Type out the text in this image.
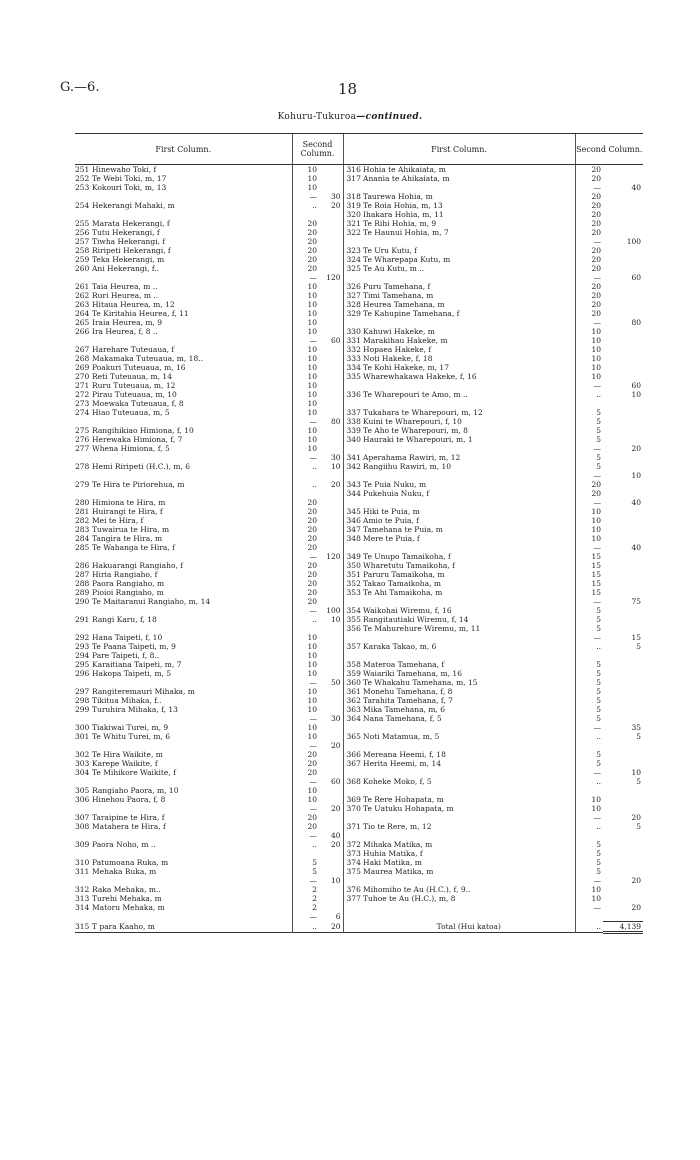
G.—6.	18
Kohuru-Tukuroa—continued.
First Column.		Second Column.		First Column.		Second Column.	
251	Hinewaho Toki, f	10		316	Hohia te Ahikaiata, m	20	
252	Te Webi Toki, m, 17	10		317	Anania te Ahikaiata, m	20	
253	Kokouri Toki, m, 13	10				—	40
		—	30	318	Taurewa Hohia, m	20	
254	Hekerangi Mahaki, m	..	20	319	Te Roia Hohia, m, 13	20	
				320	Ihakara Hohia, m, 11	20	
255	Marata Hekerangi, f	20		321	Te Rihi Hohia, m, 9	20	
256	Tutu Hekerangi, f	20		322	Te Haunui Hohia, m, 7	20	
257	Tiwha Hekerangi, f	20				—	100
258	Riripeti Hekerangi, f	20		323	Te Uru Kutu, f	20	
259	Teka Hekerangi, m	20		324	Te Wharepapa Kutu, m	20	
260	Ani Hekerangi, f..	20		325	Te Au Kutu, m ..	20	
		—	120			—	60
261	Taia Heurea, m ..	10		326	Puru Tamehana, f	20	
262	Ruri Heurea, m ..	10		327	Timi Tamehana, m	20	
263	Hitaua Heurea, m, 12	10		328	Heurea Tamehana, m	20	
264	Te Kiritahia Heurea, f, 11	10		329	Te Kahupine Tamehana, f	20	
265	Iraia Heurea, m, 9	10				—	80
266	Ira Heurea, f, 8 ..	10		330	Kahuwi Hakeke, m	10	
		—	60	331	Marakihau Hakeke, m	10	
267	Harehare Tuteuaua, f	10		332	Hopaea Hakeke, f	10	
268	Makamaka Tuteuaua, m, 18..	10		333	Noti Hakeke, f, 18	10	
269	Poakuri Tuteuaua, m, 16	10		334	Te Kohi Hakeke, m, 17	10	
270	Reti Tuteuaua, m, 14	10		335	Wharewhakawa Hakeke, f, 16	10	
271	Ruru Tuteuaua, m, 12	10				—	60
272	Pirau Tuteuaua, m, 10	10		336	Te Wharepouri te Amo, m ..	..	10
273	Moewaka Tuteuaua, f, 8	10					
274	Hiao Tuteuaua, m, 5	10		337	Tukahara te Wharepouri, m, 12	5	
		—	80	338	Kuini te Wharepouri, f, 10	5	
275	Rangihikiao Himiona, f, 10	10		339	Te Aho te Wharepouri, m, 8	5	
276	Herewaka Himiona, f, 7	10		340	Hauraki te Wharepouri, m, 1	5	
277	Whena Himiona, f, 5	10				—	20
		—	30	341	Aperahama Rawiri, m, 12	5	
278	Hemi Riripeti (H.C.), m, 6	..	10	342	Rangiihu Rawiri, m, 10	5	
						—	10
279	Te Hira te Piriorehua, m	..	20	343	Te Puia Nuku, m	20	
				344	Pukehuia Nuku, f	20	
280	Himiona te Hira, m	20				—	40
281	Huirangi te Hira, f	20		345	Hiki te Puia, m	10	
282	Mei te Hira, f	20		346	Amio te Puia, f	10	
283	Tuwairua te Hira, m	20		347	Tamehana te Puia, m	10	
284	Tangira te Hira, m	20		348	Mere te Puia, f	10	
285	Te Wahanga te Hira, f	20				—	40
		—	120	349	Te Unupo Tamaikoha, f	15	
286	Hakuarangi Rangiaho, f	20		350	Wharetutu Tamaikoha, f	15	
287	Hiria Rangiaho, f	20		351	Paruru Tamaikoha, m	15	
288	Paora Rangiaho, m	20		352	Takao Tamaikoha, m	15	
289	Pioioi Rangiaho, m	20		353	Te Ahi Tamaikoha, m	15	
290	Te Maitaranui Rangiaho, m, 14	20				—	75
		—	100	354	Waikohai Wiremu, f, 16	5	
291	Rangi Karu, f, 18	..	10	355	Rangitautiaki Wiremu, f, 14	5	
				356	Te Mahurehure Wiremu, m, 11	5	
292	Hana Taipeti, f, 10	10				—	15
293	Te Paana Taipeti, m, 9	10		357	Karaka Takao, m, 6	..	5
294	Pare Taipeti, f, 8..	10					
295	Karaitiana Taipeti, m, 7	10		358	Materoa Tamehana, f	5	
296	Hakopa Taipeti, m, 5	10		359	Waiariki Tamehana, m, 16	5	
		—	50	360	Te Whakahu Tamehana, m, 15	5	
297	Rangiteremauri Mihaka, m	10		361	Monehu Tamehana, f, 8	5	
298	Tikitua Mihaka, f..	10		362	Tarahita Tamehana, f, 7	5	
299	Turuhira Mihaka, f, 13	10		363	Mika Tamehana, m, 6	5	
		—	30	364	Nana Tamehana, f, 5	5	
300	Tiakiwai Turei, m, 9	10				—	35
301	Te Whitu Turei, m, 6	10		365	Noti Matamua, m, 5	..	5
		—	20				
302	Te Hira Waikite, m	20		366	Mereana Heemi, f, 18	5	
303	Karepe Waikite, f	20		367	Herita Heemi, m, 14	5	
304	Te Mihikore Waikite, f	20				—	10
		—	60	368	Koheke Moko, f, 5	..	5
305	Rangiaho Paora, m, 10	10					
306	Hinehou Paora, f, 8	10		369	Te Rere Hohapata, m	10	
		—	20	370	Te Uatuku Hohapata, m	10	
307	Taraipine te Hira, f	20				—	20
308	Matahera te Hira, f	20		371	Tio te Rere, m, 12	..	5
		—	40				
309	Paora Noho, m ..	..	20	372	Mihaka Matika, m	5	
				373	Huhia Matika, f	5	
310	Patumoana Ruka, m	5		374	Haki Matika, m	5	
311	Mehaka Ruka, m	5		375	Maurea Matika, m	5	
		—	10			—	20
312	Raka Mehaka, m..	2		376	Mihomiho te Au (H.C.), f, 9..	10	
313	Turehi Mehaka, m	2		377	Tuhoe te Au (H.C.), m, 8	10	
314	Matoru Mehaka, m	2				—	20
		—	6				
315	T para Kaaho, m	..	20		Total (Hui katoa)	..	4,139
